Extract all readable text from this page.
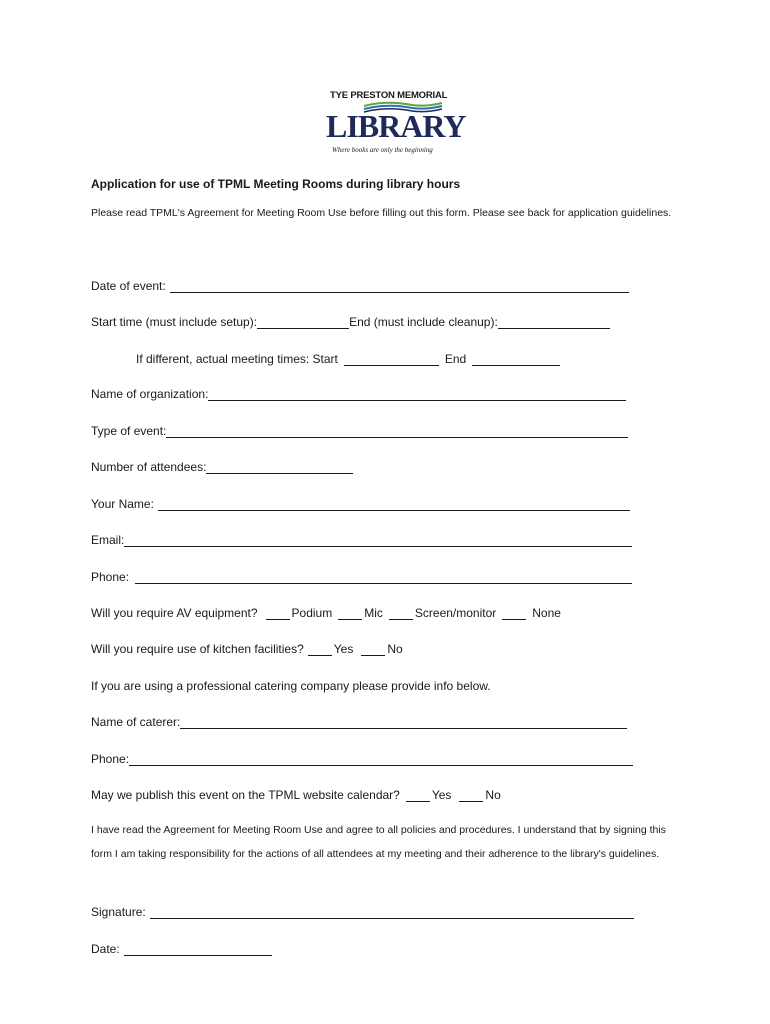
TYE PRESTON MEMORIAL
LIBRARY
Where books are only the beginning
Application for use of TPML Meeting Rooms during library hours
Please read TPML's Agreement for Meeting Room Use before filling out this form. Please see back for application guidelines.
Date of event:
Start time (must include setup):	End (must include cleanup):
If different, actual meeting times: Start	End
Name of organization:
Type of event:
Number of attendees:
Your Name:
Email:
Phone:
Will you require AV equipment?	Podium	Mic	Screen/monitor	None
Will you require use of kitchen facilities?	Yes	No
If you are using a professional catering company please provide info below.
Name of caterer:
Phone:
May we publish this event on the TPML website calendar?	Yes	No
I have read the Agreement for Meeting Room Use and agree to all policies and procedures. I understand that by signing this form I am taking responsibility for the actions of all attendees at my meeting and their adherence to the library's guidelines.
Signature:
Date:
